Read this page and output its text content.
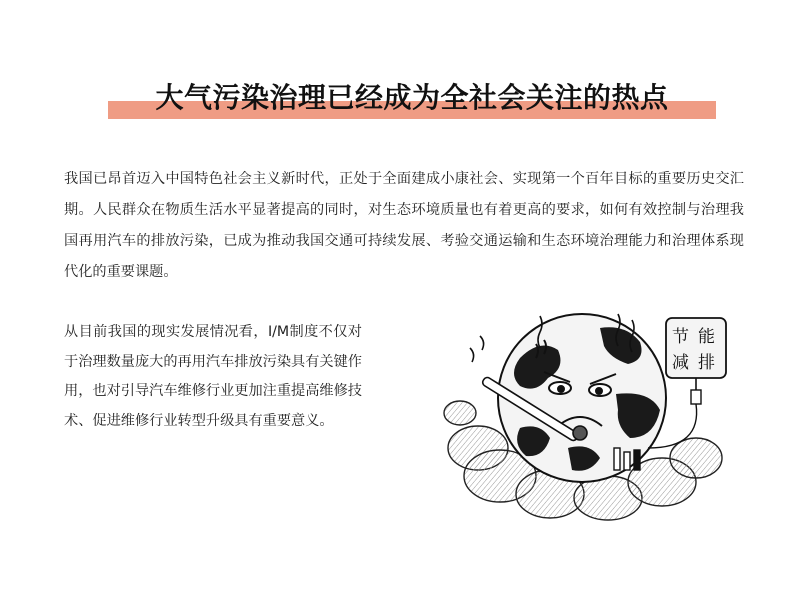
大气污染治理已经成为全社会关注的热点

我国已昂首迈入中国特色社会主义新时代，正处于全面建成小康社会、实现第一个百年目标的重要历史交汇期。人民群众在物质生活水平显著提高的同时，对生态环境质量也有着更高的要求，如何有效控制与治理我国再用汽车的排放污染，已成为推动我国交通可持续发展、考验交通运输和生态环境治理能力和治理体系现代化的重要课题。

从目前我国的现实发展情况看，I/M制度不仅对于治理数量庞大的再用汽车排放污染具有关键作用，也对引导汽车维修行业更加注重提高维修技术、促进维修行业转型升级具有重要意义。

节 能
减 排
